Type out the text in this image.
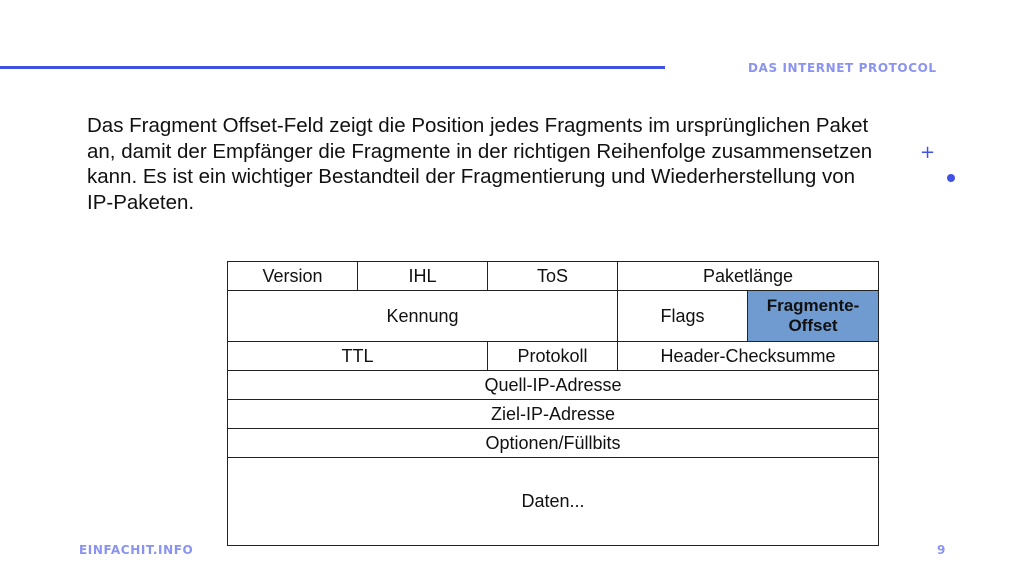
DAS INTERNET PROTOCOL
+

Das Fragment Offset-Feld zeigt die Position jedes Fragments im ursprünglichen Paket an, damit der Empfänger die Fragmente in der richtigen Reihenfolge zusammensetzen kann. Es ist ein wichtiger Bestandteil der Fragmentierung und Wiederherstellung von IP-Paketen.

Version	IHL	ToS	Paketlänge	
Kennung			Flags	Fragmente-Offset
TTL		Protokoll	Header-Checksumme	
Quell-IP-Adresse				
Ziel-IP-Adresse				
Optionen/Füllbits				
Daten...				
EINFACHIT.INFO	9
